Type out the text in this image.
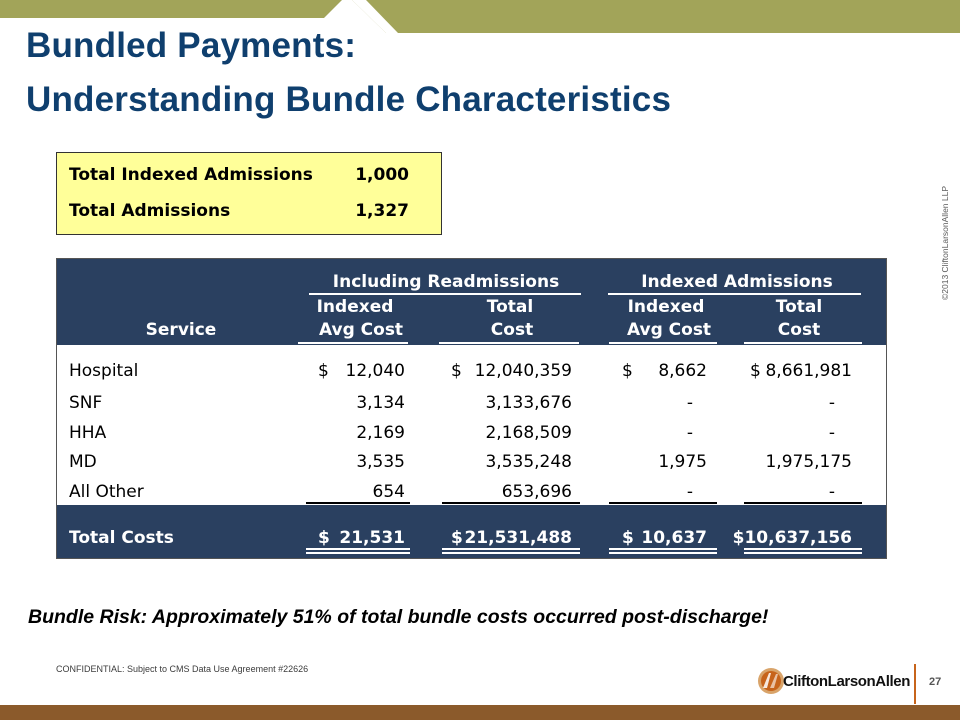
Bundled Payments:
Understanding Bundle Characteristics
©2013 CliftonLarsonAllen LLP
Total Indexed Admissions 1,000
Total Admissions	1,327
Including Readmissions	Indexed Admissions
Indexed	Total	Indexed	Total
Service	Avg Cost	Cost	Avg Cost	Cost
Hospital	$ 12,040	$ 12,040,359	$ 8,662	$ 8,661,981
SNF	3,134	3,133,676	-	-
HHA	2,169	2,168,509	-	-
MD	3,535	3,535,248	1,975	1,975,175
All Other	654	653,696	-	-
Total Costs	$ 21,531	$ 21,531,488	$ 10,637 $10,637,156
Bundle Risk: Approximately 51% of total bundle costs occurred post-discharge!
CONFIDENTIAL: Subject to CMS Data Use Agreement #22626
CliftonLarsonAllen 27
